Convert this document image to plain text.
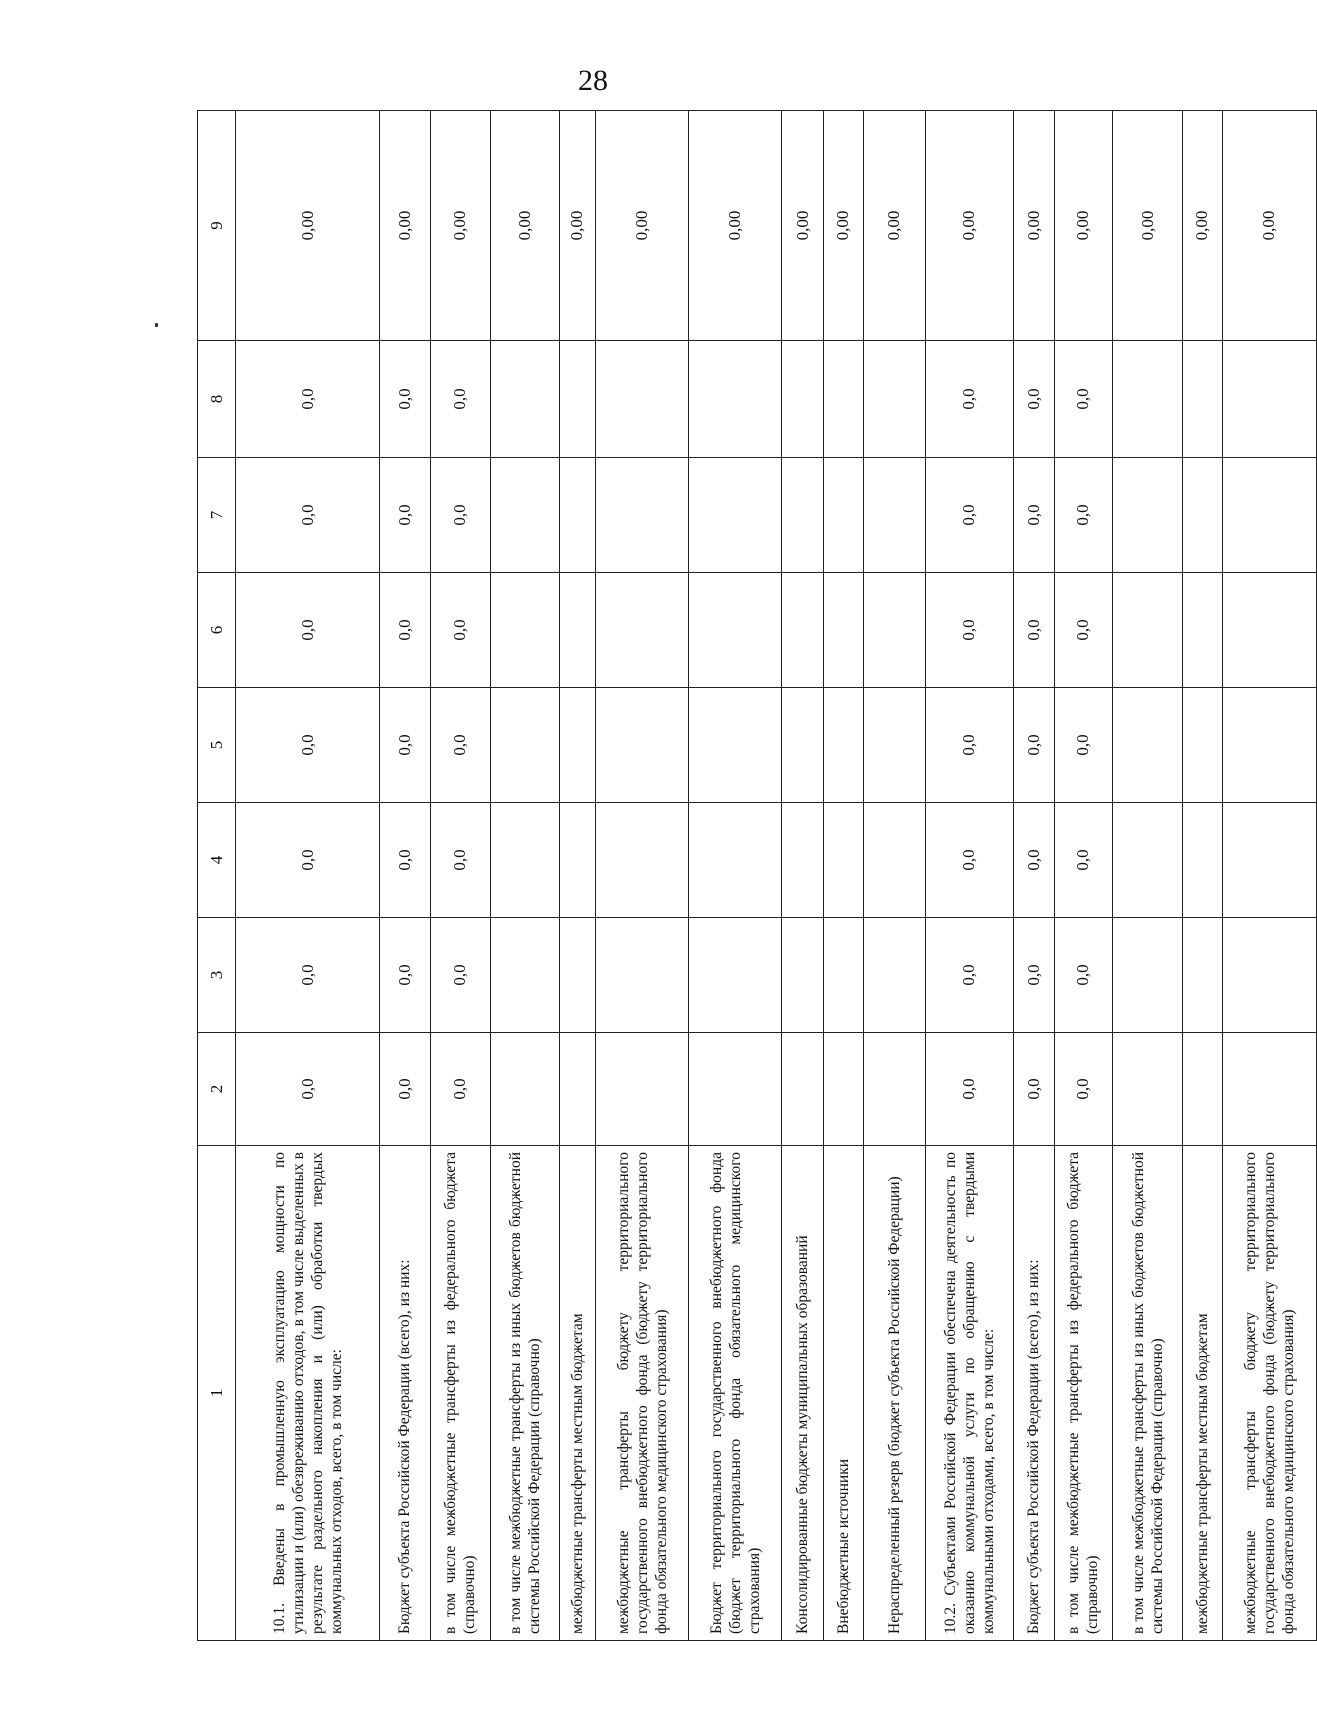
28
1	2	3	4	5	6	7	8	9
10.1. Введены в промышленную эксплуатацию мощности по утилизации и (или) обезвреживанию отходов, в том числе выделенных в результате раздельного накопления и (или) обработки твердых коммунальных отходов, всего, в том числе:	0,0	0,0	0,0	0,0	0,0	0,0	0,0	0,00
Бюджет субъекта Российской Федерации (всего), из них:	0,0	0,0	0,0	0,0	0,0	0,0	0,0	0,00
в том числе межбюджетные трансферты из федерального бюджета (справочно)	0,0	0,0	0,0	0,0	0,0	0,0	0,0	0,00
в том числе межбюджетные трансферты из иных бюджетов бюджетной системы Российской Федерации (справочно)								0,00
межбюджетные трансферты местным бюджетам								0,00
межбюджетные трансферты бюджету территориального государственного внебюджетного фонда (бюджету территориального фонда обязательного медицинского страхования)								0,00
Бюджет территориального государственного внебюджетного фонда (бюджет территориального фонда обязательного медицинского страхования)								0,00
Консолидированные бюджеты муниципальных образований								0,00
Внебюджетные источники								0,00
Нераспределенный резерв (бюджет субъекта Российской Федерации)								0,00
10.2. Субъектами Российской Федерации обеспечена деятельность по оказанию коммунальной услуги по обращению с твердыми коммунальными отходами, всего, в том числе:	0,0	0,0	0,0	0,0	0,0	0,0	0,0	0,00
Бюджет субъекта Российской Федерации (всего), из них:	0,0	0,0	0,0	0,0	0,0	0,0	0,0	0,00
в том числе межбюджетные трансферты из федерального бюджета (справочно)	0,0	0,0	0,0	0,0	0,0	0,0	0,0	0,00
в том числе межбюджетные трансферты из иных бюджетов бюджетной системы Российской Федерации (справочно)								0,00
межбюджетные трансферты местным бюджетам								0,00
межбюджетные трансферты бюджету территориального государственного внебюджетного фонда (бюджету территориального фонда обязательного медицинского страхования)								0,00
